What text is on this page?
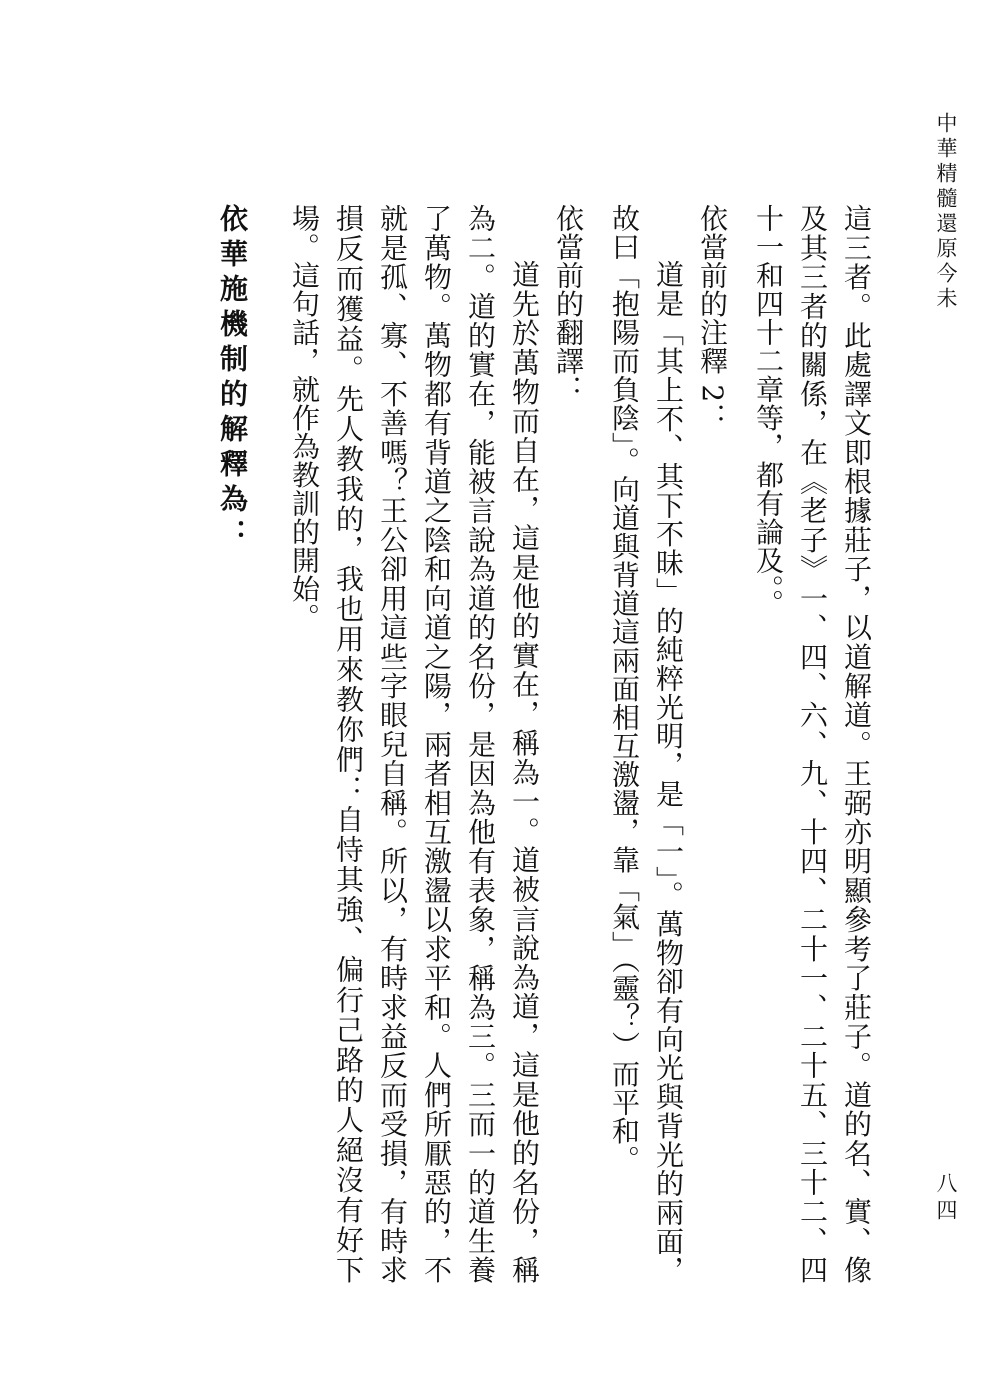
中華精髓還原今未
八四

這三者。此處譯文即根據莊子，以道解道。王弼亦明顯參考了莊子。道的名、實、像及其三者的關係，在《老子》一、四、六、九、十四、二十一、二十五、三十二、四十一和四十二章等，都有論及。。

依當前的注釋 2：

道是「其上不、其下不昧」的純粹光明，是「一」。萬物卻有向光與背光的兩面，故曰「抱陽而負陰」。向道與背道這兩面相互激盪，靠「氣」（靈？）而平和。

依當前的翻譯：

道先於萬物而自在，這是他的實在，稱為一。道被言說為道，這是他的名份，稱為二。道的實在，能被言說為道的名份，是因為他有表象，稱為三。三而一的道生養了萬物。萬物都有背道之陰和向道之陽，兩者相互激盪以求平和。人們所厭惡的，不就是孤、寡、不善嗎？王公卻用這些字眼兒自稱。所以，有時求益反而受損，有時求損反而獲益。先人教我的，我也用來教你們：自恃其強、偏行己路的人絕沒有好下場。這句話，就作為教訓的開始。

依華施機制的解釋為：
